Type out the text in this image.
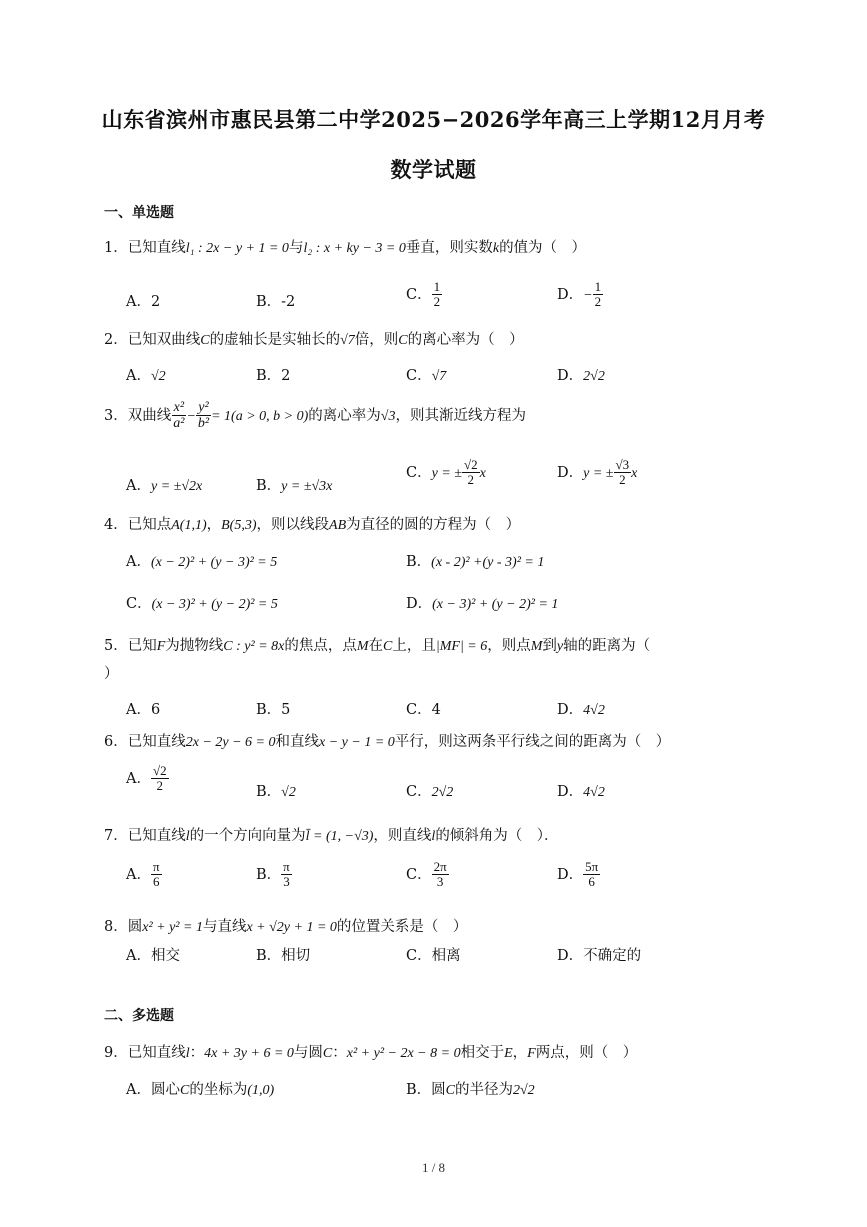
山东省滨州市惠民县第二中学2025−2026学年高三上学期12月月考
数学试题
一、单选题
1．已知直线l₁ : 2x − y + 1 = 0与l₂ : x + ky − 3 = 0垂直，则实数k的值为（　）
A．2	B．-2	C． $\frac{1}{2}$	D．− $\frac{1}{2}$
2．已知双曲线C的虚轴长是实轴长的√7倍，则C的离心率为（　）
A．√2	B．2	C．√7	D．2√2
3．双曲线 $\frac{\text{x²}}{\text{a²}} - \frac{\text{y²}}{\text{b²}} = 1(a > 0$, b > 0)的离心率为√3，则其渐近线方程为
A．y = ±√2x	B．y = ±√3x
C．y = ± $\frac{√2}{2}$ x	D．y = ± $\frac{√3}{2}$ x
4．已知点A(1,1)，B(5,3)，则以线段AB为直径的圆的方程为（　）
A．(x − 2)² + (y − 3)² = 5	B．(x - 2)² +(y - 3)² = 1
C．(x − 3)² + (y − 2)² = 5	D．(x − 3)² + (y − 2)² = 1
5．已知F为抛物线C : y² = 8x的焦点，点M在C上，且|MF| = 6，则点M到y轴的距离为（
）
A．6	B．5	C．4	D．4√2
6．已知直线2x − 2y − 6 = 0和直线x − y − 1 = 0平行，则这两条平行线之间的距离为（　）
A． $\frac{√2}{2}$	B．√2	C．2√2	D．4√2
7．已知直线l的一个方向向量为l̄ = (1, −√3)，则直线l的倾斜角为（　）．
A． $\frac{\pi}{6}$	B． $\frac{\pi}{3}$	C． $\frac{2\pi}{3}$	D． $\frac{5\pi}{6}$
8．圆x² + y² = 1与直线x + √2y + 1 = 0的位置关系是（　）
A．相交	B．相切	C．相离	D．不确定的
二、多选题
9．已知直线l：4x + 3y + 6 = 0与圆C：x² + y² − 2x − 8 = 0相交于E，F两点，则（　）
A．圆心C的坐标为(1,0)	B．圆C的半径为2√2
1 / 8
